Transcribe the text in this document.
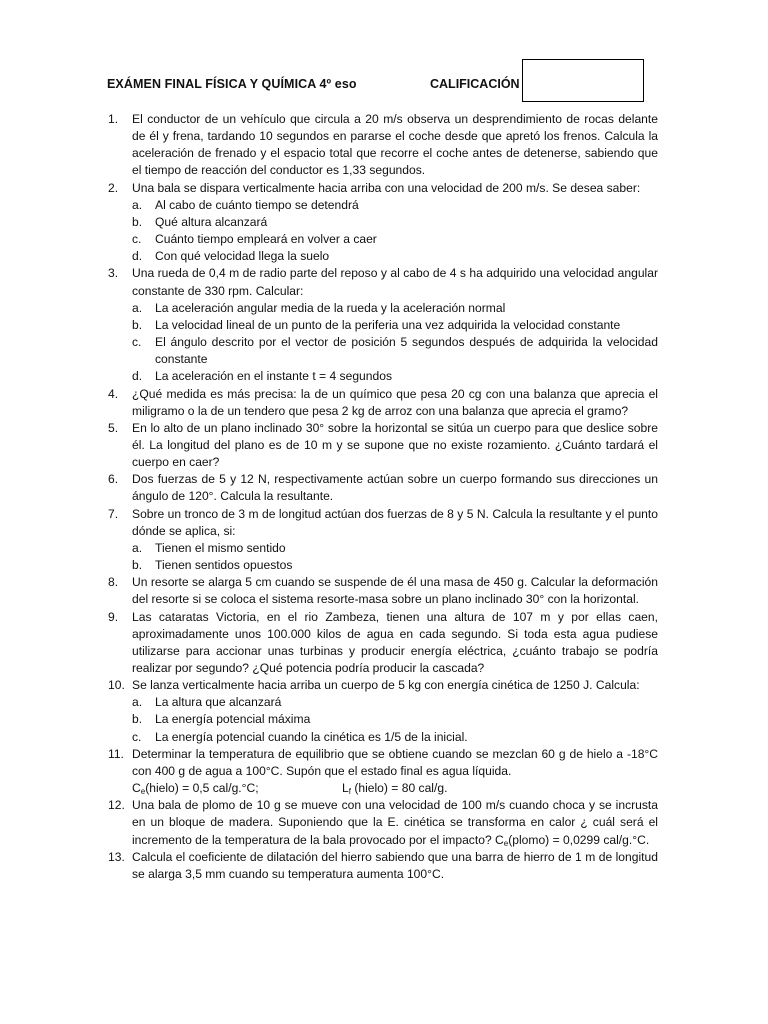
EXÁMEN FINAL FÍSICA Y QUÍMICA 4º eso	CALIFICACIÓN
1. El conductor de un vehículo que circula a 20 m/s observa un desprendimiento de rocas delante de él y frena, tardando 10 segundos en pararse el coche desde que apretó los frenos. Calcula la aceleración de frenado y el espacio total que recorre el coche antes de detenerse, sabiendo que el tiempo de reacción del conductor es 1,33 segundos.
2. Una bala se dispara verticalmente hacia arriba con una velocidad de 200 m/s. Se desea saber:
a. Al cabo de cuánto tiempo se detendrá
b. Qué altura alcanzará
c. Cuánto tiempo empleará en volver a caer
d. Con qué velocidad llega la suelo
3. Una rueda de 0,4 m de radio parte del reposo y al cabo de 4 s ha adquirido una velocidad angular constante de 330 rpm. Calcular:
a. La aceleración angular media de la rueda y la aceleración normal
b. La velocidad lineal de un punto de la periferia una vez adquirida la velocidad constante
c. El ángulo descrito por el vector de posición 5 segundos después de adquirida la velocidad constante
d. La aceleración en el instante t = 4 segundos
4. ¿Qué medida es más precisa: la de un químico que pesa 20 cg con una balanza que aprecia el miligramo o la de un tendero que pesa 2 kg de arroz con una balanza que aprecia el gramo?
5. En lo alto de un plano inclinado 30° sobre la horizontal se sitúa un cuerpo para que deslice sobre él. La longitud del plano es de 10 m y se supone que no existe rozamiento. ¿Cuánto tardará el cuerpo en caer?
6. Dos fuerzas de 5 y 12 N, respectivamente actúan sobre un cuerpo formando sus direcciones un ángulo de 120°. Calcula la resultante.
7. Sobre un tronco de 3 m de longitud actúan dos fuerzas de 8 y 5 N. Calcula la resultante y el punto dónde se aplica, si:
a. Tienen el mismo sentido
b. Tienen sentidos opuestos
8. Un resorte se alarga 5 cm cuando se suspende de él una masa de 450 g. Calcular la deformación del resorte si se coloca el sistema resorte-masa sobre un plano inclinado 30° con la horizontal.
9. Las cataratas Victoria, en el rio Zambeza, tienen una altura de 107 m y por ellas caen, aproximadamente unos 100.000 kilos de agua en cada segundo. Si toda esta agua pudiese utilizarse para accionar unas turbinas y producir energía eléctrica, ¿cuánto trabajo se podría realizar por segundo? ¿Qué potencia podría producir la cascada?
10. Se lanza verticalmente hacia arriba un cuerpo de 5 kg con energía cinética de 1250 J. Calcula:
a. La altura que alcanzará
b. La energía potencial máxima
c. La energía potencial cuando la cinética es 1/5 de la inicial.
11. Determinar la temperatura de equilibrio que se obtiene cuando se mezclan 60 g de hielo a -18°C con 400 g de agua a 100°C. Supón que el estado final es agua líquida.
$C_e(hielo) = 0,5$ cal/g.°C;	$L_f$ (hielo) = 80 cal/g.
12. Una bala de plomo de 10 g se mueve con una velocidad de 100 m/s cuando choca y se incrusta en un bloque de madera. Suponiendo que la E. cinética se transforma en calor ¿ cuál será el incremento de la temperatura de la bala provocado por el impacto? $C_e(plomo) = 0,0299$ cal/g.°C.
13. Calcula el coeficiente de dilatación del hierro sabiendo que una barra de hierro de 1 m de longitud se alarga 3,5 mm cuando su temperatura aumenta 100°C.
